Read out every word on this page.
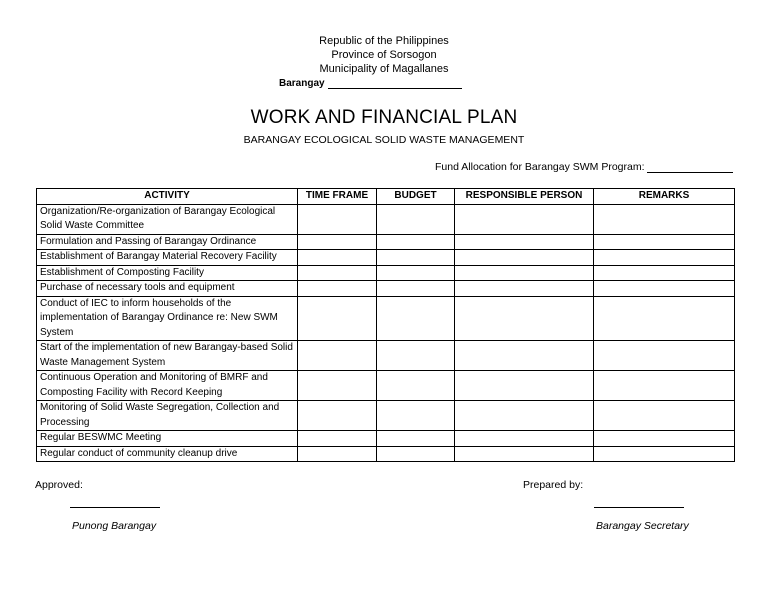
Republic of the Philippines
Province of Sorsogon
Municipality of Magallanes
Barangay
WORK AND FINANCIAL PLAN
BARANGAY ECOLOGICAL SOLID WASTE MANAGEMENT
Fund Allocation for Barangay SWM Program:
ACTIVITY	TIME FRAME	BUDGET	RESPONSIBLE PERSON	REMARKS
Organization/Re-organization of Barangay Ecological Solid Waste Committee				
Formulation and Passing of Barangay Ordinance				
Establishment of Barangay Material Recovery Facility				
Establishment of Composting Facility				
Purchase of necessary tools and equipment				
Conduct of IEC to inform households of the implementation of Barangay Ordinance re: New SWM System				
Start of the implementation of new Barangay-based Solid Waste Management System				
Continuous Operation and Monitoring of BMRF and Composting Facility with Record Keeping				
Monitoring of Solid Waste Segregation, Collection and Processing				
Regular BESWMC Meeting				
Regular conduct of community cleanup drive				
Approved:	Prepared by:
Punong Barangay	Barangay Secretary
